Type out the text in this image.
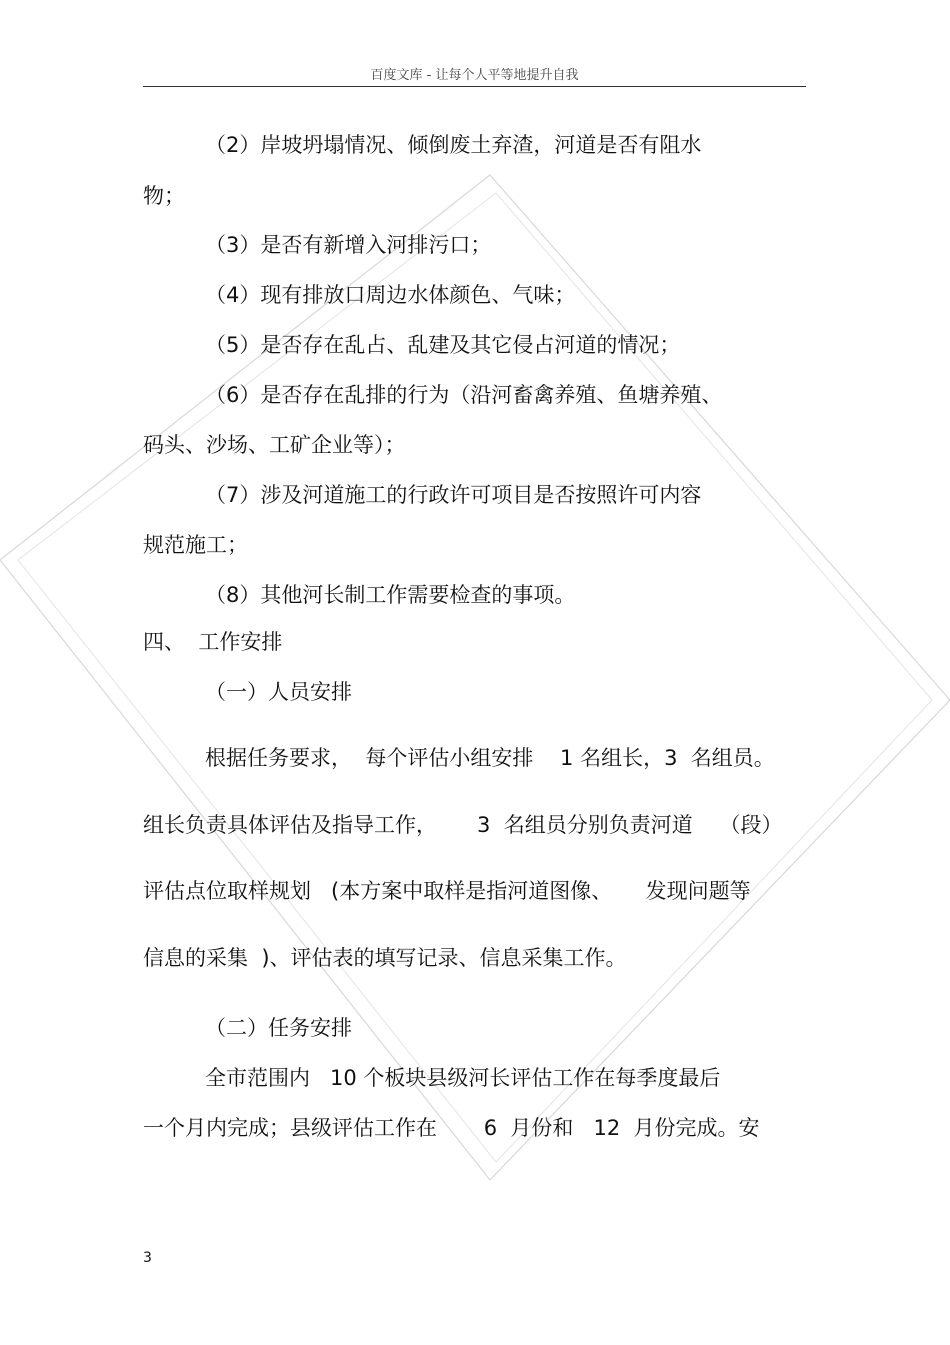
百度文库 - 让每个人平等地提升自我
（2）岸坡坍塌情况、倾倒废土弃渣，河道是否有阻水
物；
（3）是否有新增入河排污口；
（4）现有排放口周边水体颜色、气味；
（5）是否存在乱占、乱建及其它侵占河道的情况；
（6）是否存在乱排的行为（沿河畜禽养殖、鱼塘养殖、
码头、沙场、工矿企业等）；
（7）涉及河道施工的行政许可项目是否按照许可内容
规范施工；
（8）其他河长制工作需要检查的事项。
四、  工作安排
（一）人员安排
根据任务要求，  每个评估小组安排    1 名组长，3  名组员。
组长负责具体评估及指导工作，      3  名组员分别负责河道    （段）
评估点位取样规划   (本方案中取样是指河道图像、     发现问题等
信息的采集  )、评估表的填写记录、信息采集工作。
（二）任务安排
全市范围内   10 个板块县级河长评估工作在每季度最后
一个月内完成；县级评估工作在       6  月份和   12  月份完成。安
3
